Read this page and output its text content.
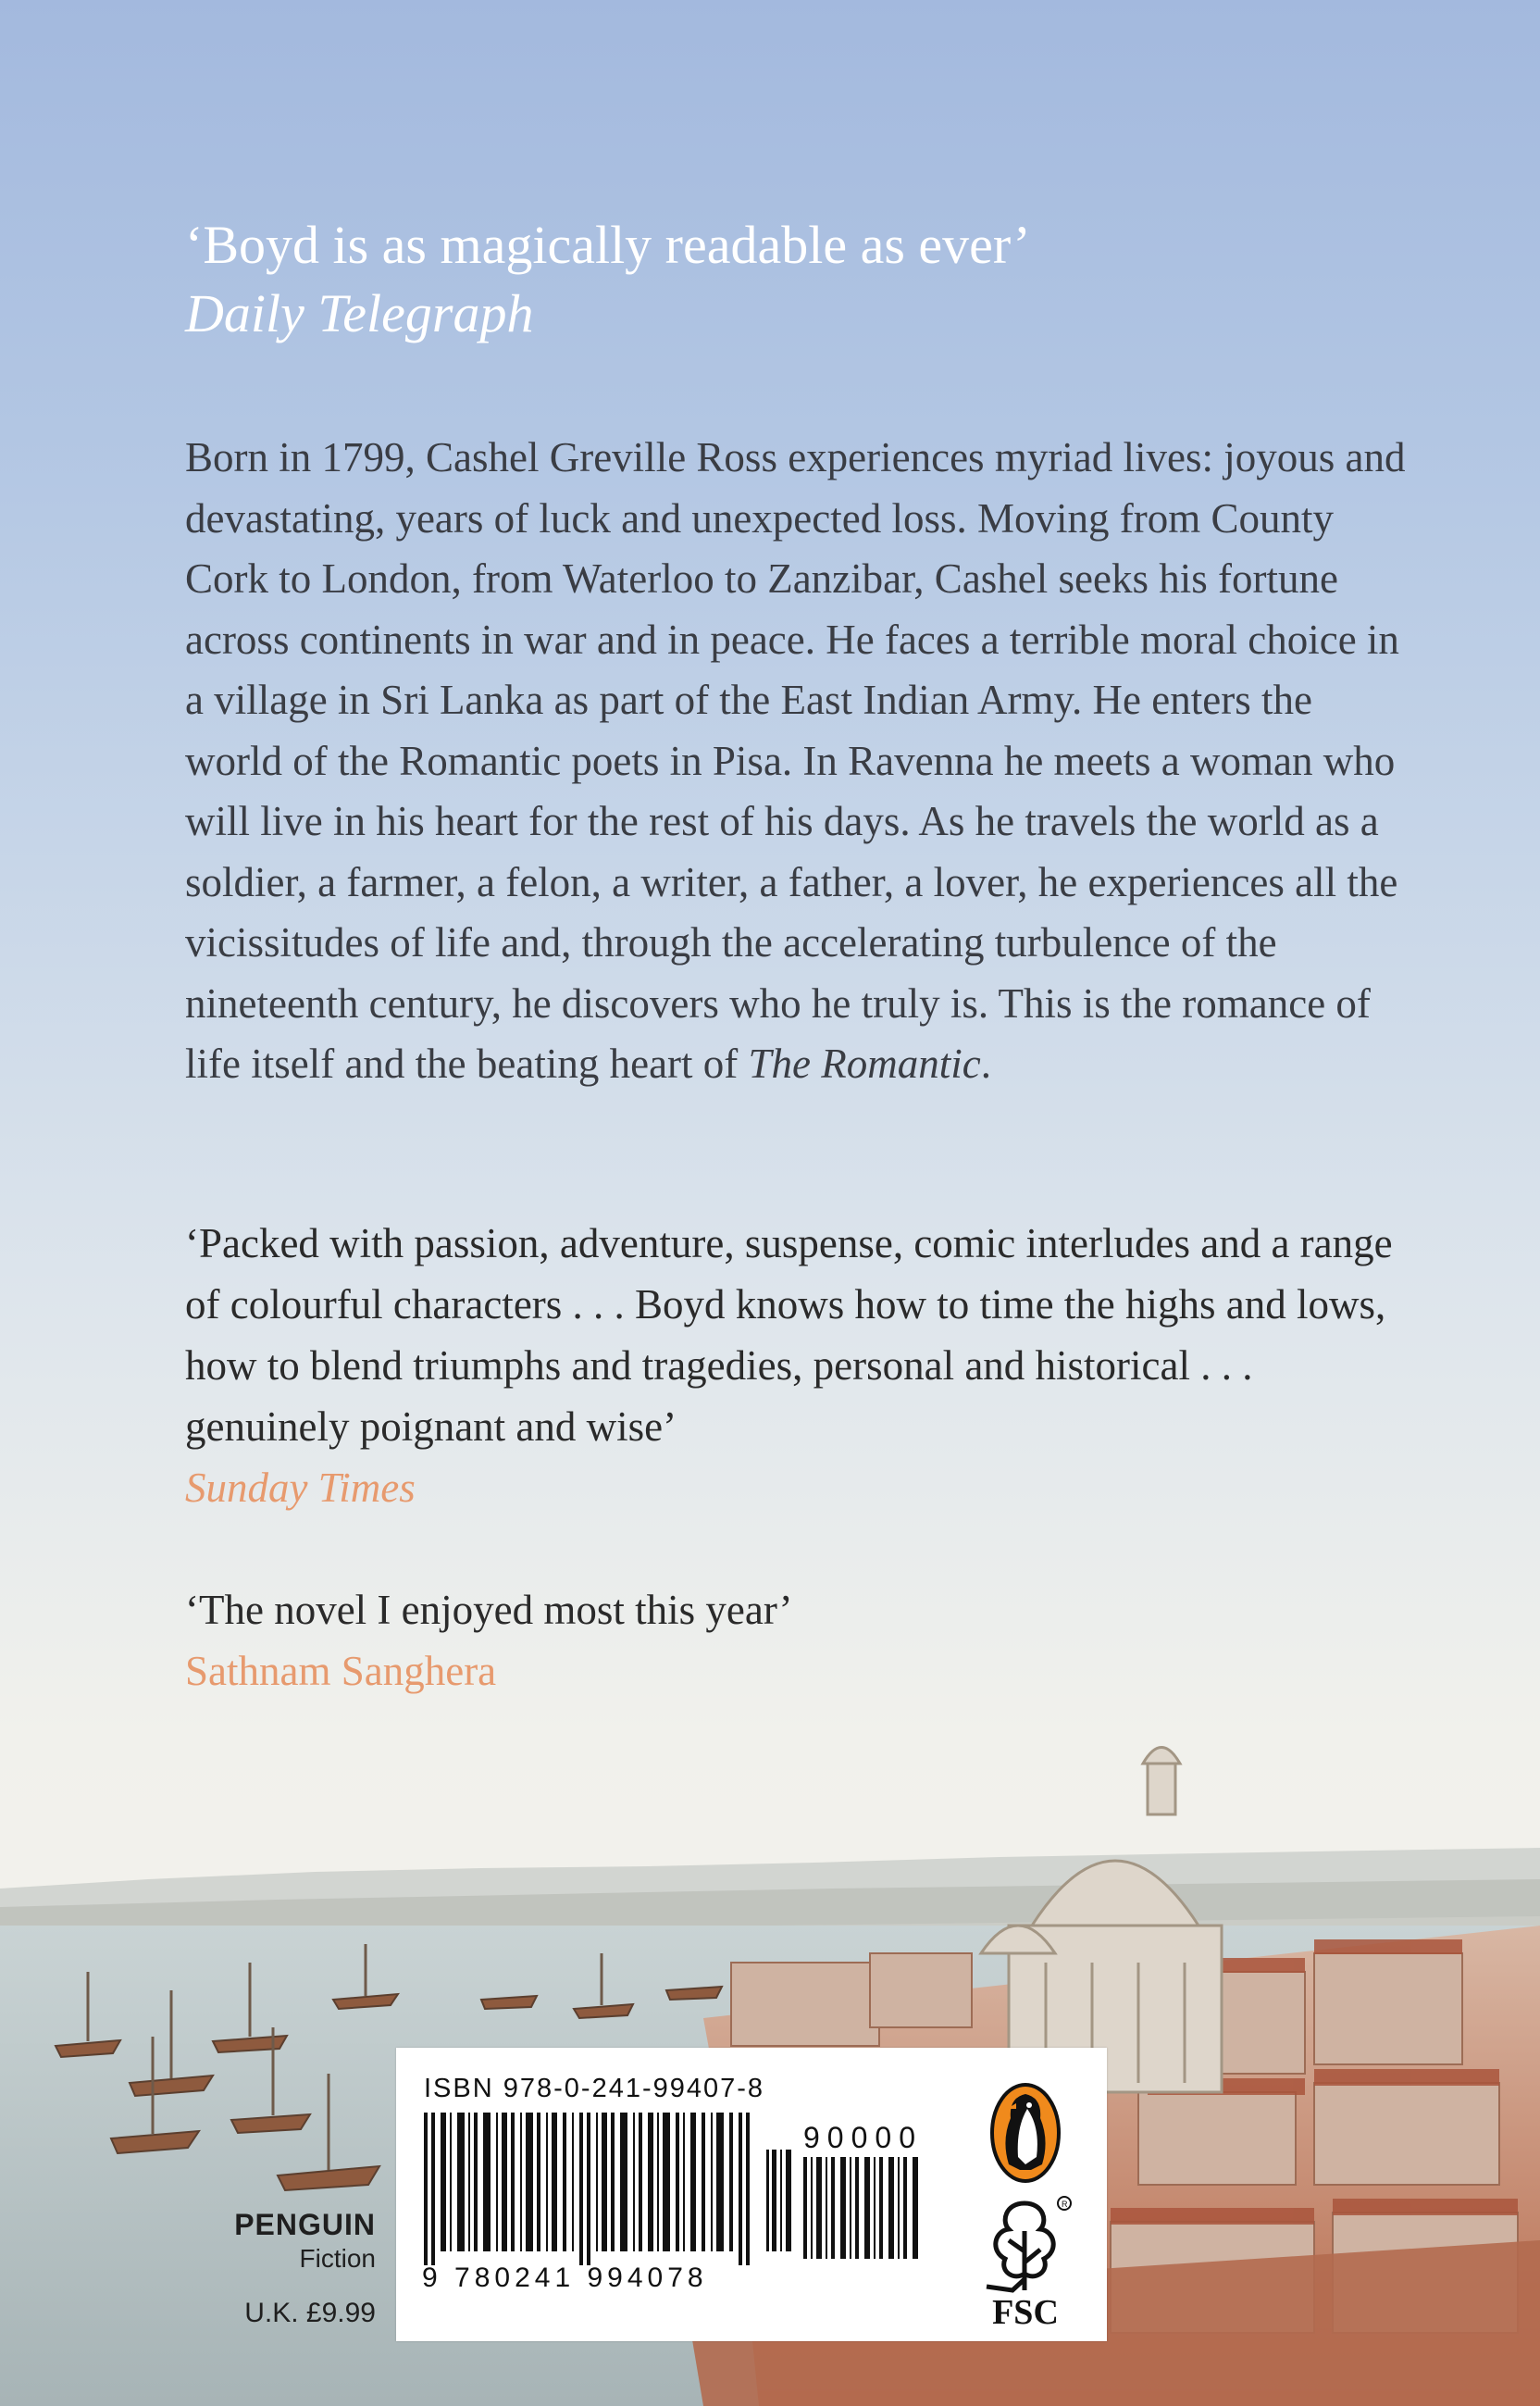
‘Boyd is as magically readable as ever’
Daily Telegraph
Born in 1799, Cashel Greville Ross experiences myriad lives: joyous and devastating, years of luck and unexpected loss. Moving from County Cork to London, from Waterloo to Zanzibar, Cashel seeks his fortune across continents in war and in peace. He faces a terrible moral choice in a village in Sri Lanka as part of the East Indian Army. He enters the world of the Romantic poets in Pisa. In Ravenna he meets a woman who will live in his heart for the rest of his days. As he travels the world as a soldier, a farmer, a felon, a writer, a father, a lover, he experiences all the vicissitudes of life and, through the accelerating turbulence of the nineteenth century, he discovers who he truly is. This is the romance of life itself and the beating heart of The Romantic.
‘Packed with passion, adventure, suspense, comic interludes and a range of colourful characters . . . Boyd knows how to time the highs and lows, how to blend triumphs and tragedies, personal and historical . . . genuinely poignant and wise’
Sunday Times
‘The novel I enjoyed most this year’
Sathnam Sanghera
PENGUIN
Fiction
U.K. £9.99
ISBN 978-0-241-99407-8
90000
9 780241 994078
R
FSC
